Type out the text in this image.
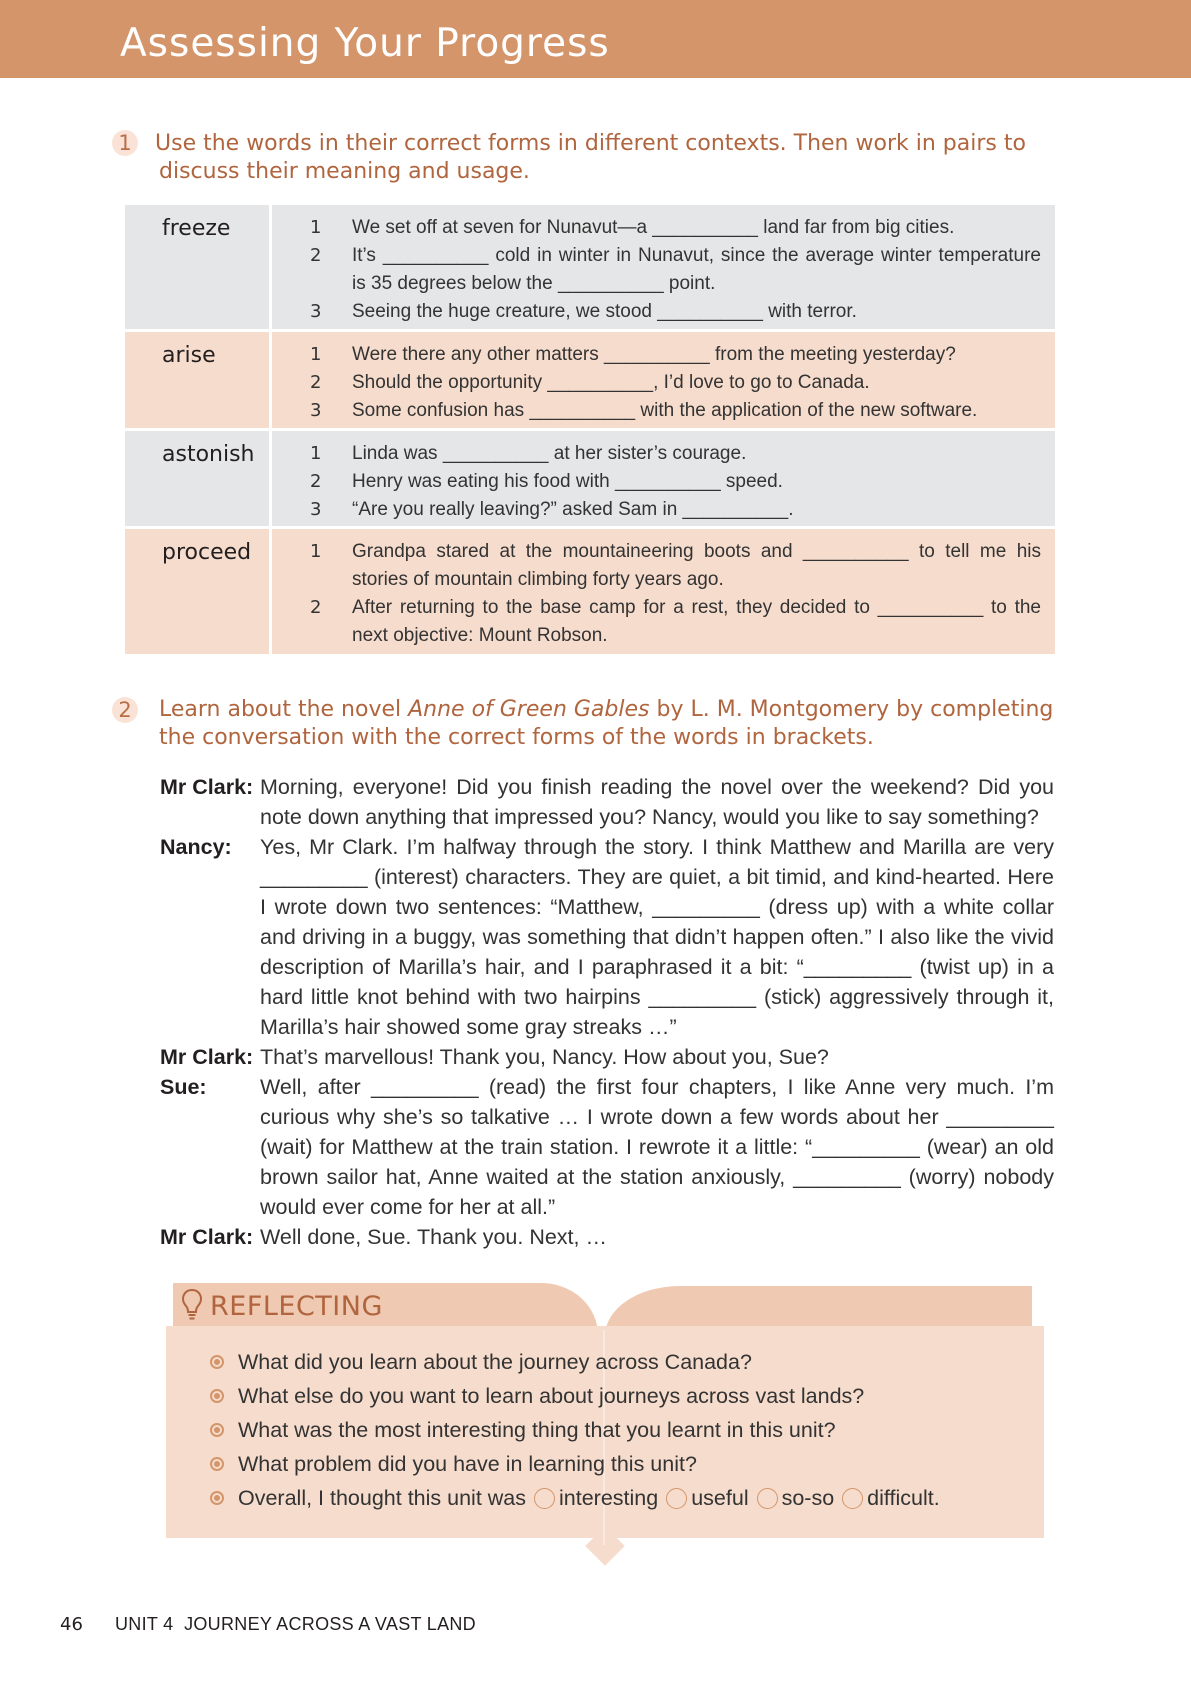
Assessing Your Progress
1 Use the words in their correct forms in different contexts. Then work in pairs to
discuss their meaning and usage.
freeze	1	We set off at seven for Nunavut—a __________ land far from big cities.
2	It’s __________ cold in winter in Nunavut, since the average winter temperature is 35 degrees below the __________ point.
3	Seeing the huge creature, we stood __________ with terror.
arise	1	Were there any other matters __________ from the meeting yesterday?
2	Should the opportunity __________, I’d love to go to Canada.
3	Some confusion has __________ with the application of the new software.
astonish	1	Linda was __________ at her sister’s courage.
2	Henry was eating his food with __________ speed.
3	“Are you really leaving?” asked Sam in __________.
proceed	1	Grandpa stared at the mountaineering boots and __________ to tell me his stories of mountain climbing forty years ago.
2	After returning to the base camp for a rest, they decided to __________ to the next objective: Mount Robson.
2 Learn about the novel Anne of Green Gables by L. M. Montgomery by completing
the conversation with the correct forms of the words in brackets.
Mr Clark: Morning, everyone! Did you finish reading the novel over the weekend? Did you note down anything that impressed you? Nancy, would you like to say something?
Nancy:	Yes, Mr Clark. I’m halfway through the story. I think Matthew and Marilla are very _________ (interest) characters. They are quiet, a bit timid, and kind-hearted. Here I wrote down two sentences: “Matthew, _________ (dress up) with a white collar and driving in a buggy, was something that didn’t happen often.” I also like the vivid description of Marilla’s hair, and I paraphrased it a bit: “_________ (twist up) in a hard little knot behind with two hairpins _________ (stick) aggressively through it, Marilla’s hair showed some gray streaks …”
Mr Clark: That’s marvellous! Thank you, Nancy. How about you, Sue?
Sue:	Well, after _________ (read) the first four chapters, I like Anne very much. I’m curious why she’s so talkative … I wrote down a few words about her _________ (wait) for Matthew at the train station. I rewrote it a little: “_________ (wear) an old brown sailor hat, Anne waited at the station anxiously, _________ (worry) nobody would ever come for her at all.”
Mr Clark: Well done, Sue. Thank you. Next, …
REFLECTING
What did you learn about the journey across Canada?
What else do you want to learn about journeys across vast lands?
What was the most interesting thing that you learnt in this unit?
What problem did you have in learning this unit?
Overall, I thought this unit was interesting useful so-so difficult.
46 UNIT 4  JOURNEY ACROSS A VAST LAND
